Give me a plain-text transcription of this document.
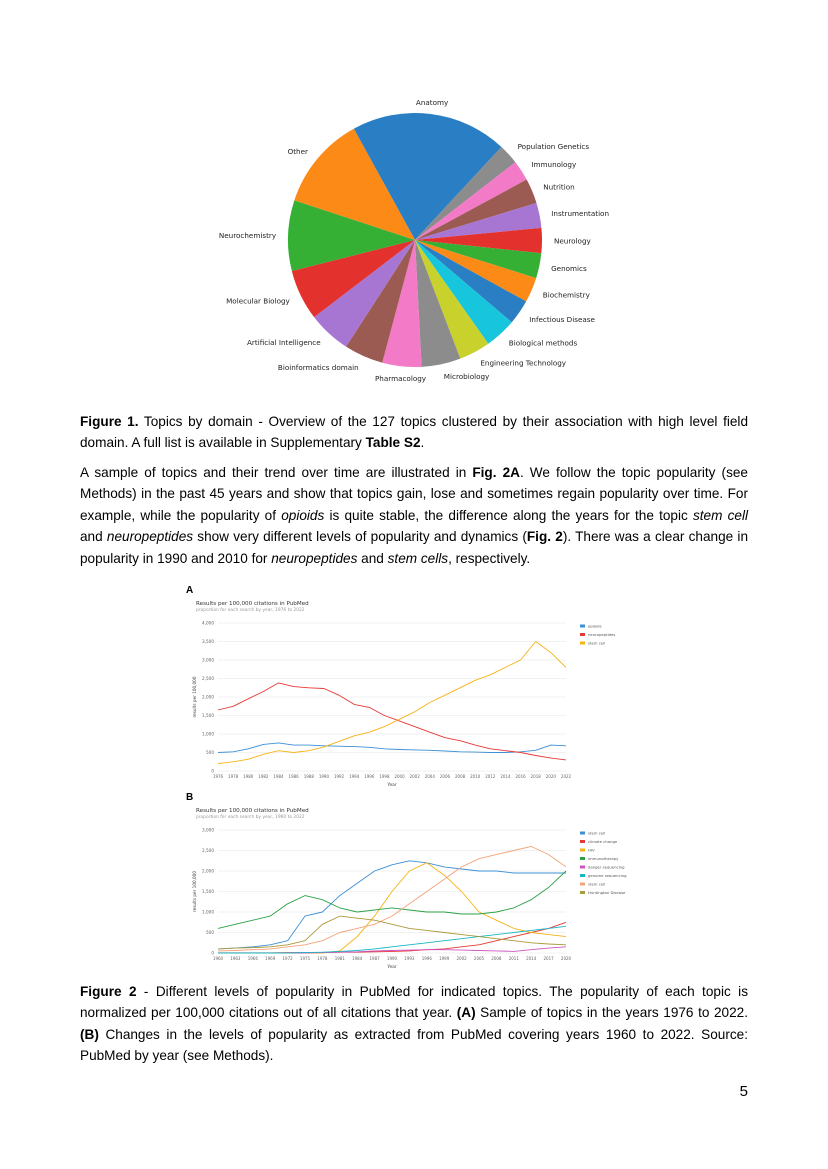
Anatomy
Population Genetics
Immunology
Nutrition
Instrumentation
Neurology
Genomics
Biochemistry
Infectious Disease
Biological methods
Engineering Technology
Microbiology
Pharmacology
Bioinformatics domain
Artificial Intelligence
Molecular Biology
Neurochemistry
Other
Figure 1. Topics by domain - Overview of the 127 topics clustered by their association with high level field domain. A full list is available in Supplementary Table S2.
A sample of topics and their trend over time are illustrated in Fig. 2A. We follow the topic popularity (see Methods) in the past 45 years and show that topics gain, lose and sometimes regain popularity over time. For example, while the popularity of opioids is quite stable, the difference along the years for the topic stem cell and neuropeptides show very different levels of popularity and dynamics (Fig. 2). There was a clear change in popularity in 1990 and 2010 for neuropeptides and stem cells, respectively.
A
Results per 100,000 citations in PubMed
proportion for each search by year, 1976 to 2022
0
500
1,000
1,500
2,000
2,500
3,000
3,500
4,000
1976 1978 1980 1982 1984 1986 1988 1990 1992 1994 1996 1998 2000 2002 2004 2006 2008 2010 2012 2014 2016 2018 2020 2022
Year
results per 100,000
opioids
neuropeptides
stem cell
B
Results per 100,000 citations in PubMed
proportion for each search by year, 1960 to 2022
0
500
1,000
1,500
2,000
2,500
3,000
1960 1963 1966 1969 1972 1975 1978 1981 1984 1987 1990 1993 1996 1999 2002 2005 2008 2011 2014 2017 2020
Year
results per 100,000
stem cell
climate change
HIV
immunotherapy
Sanger sequencing
genome sequencing
stem cell
Huntington Disease
Figure 2 - Different levels of popularity in PubMed for indicated topics. The popularity of each topic is normalized per 100,000 citations out of all citations that year. (A) Sample of topics in the years 1976 to 2022. (B) Changes in the levels of popularity as extracted from PubMed covering years 1960 to 2022. Source: PubMed by year (see Methods).
5
